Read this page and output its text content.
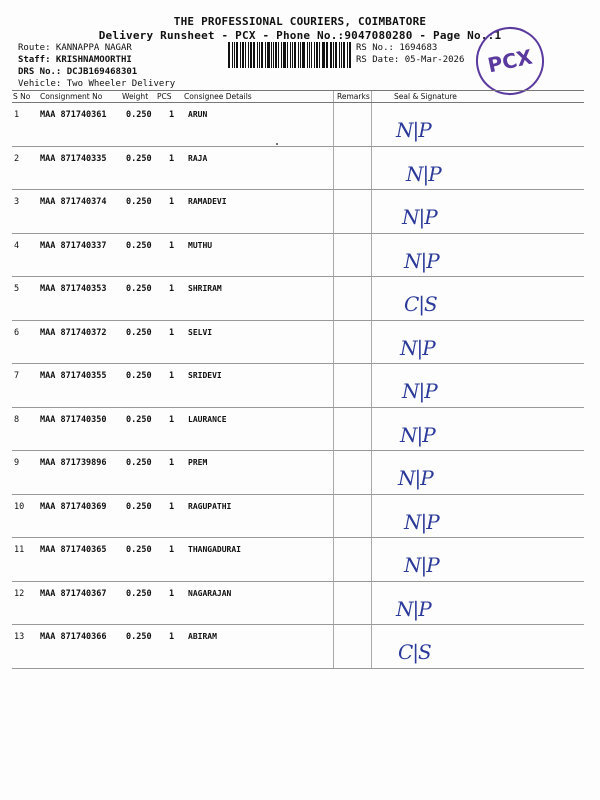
THE PROFESSIONAL COURIERS, COIMBATORE
Delivery Runsheet - PCX - Phone No.:9047080280 - Page No.:1
Route: KANNAPPA NAGAR
Staff: KRISHNAMOORTHI
DRS No.: DCJB169468301
Vehicle: Two Wheeler Delivery
RS No.: 1694683
RS Date: 05-Mar-2026 PCX
S No Consignment No	Weight PCS Consignee Details	Remarks	Seal & Signature
1 MAA 871740361 0.250 1 ARUN
N|P
2 MAA 871740335 0.250 1 RAJA
N|P
3 MAA 871740374 0.250 1 RAMADEVI
N|P
4 MAA 871740337 0.250 1 MUTHU
N|P
5 MAA 871740353 0.250 1 SHRIRAM
C|S
6 MAA 871740372 0.250 1 SELVI
N|P
7 MAA 871740355 0.250 1 SRIDEVI
N|P
8 MAA 871740350 0.250 1 LAURANCE
N|P
9 MAA 871739896 0.250 1 PREM
N|P
10 MAA 871740369 0.250 1 RAGUPATHI
N|P
11 MAA 871740365 0.250 1 THANGADURAI
N|P
12 MAA 871740367 0.250 1 NAGARAJAN
N|P
13 MAA 871740366 0.250 1 ABIRAM
C|S
